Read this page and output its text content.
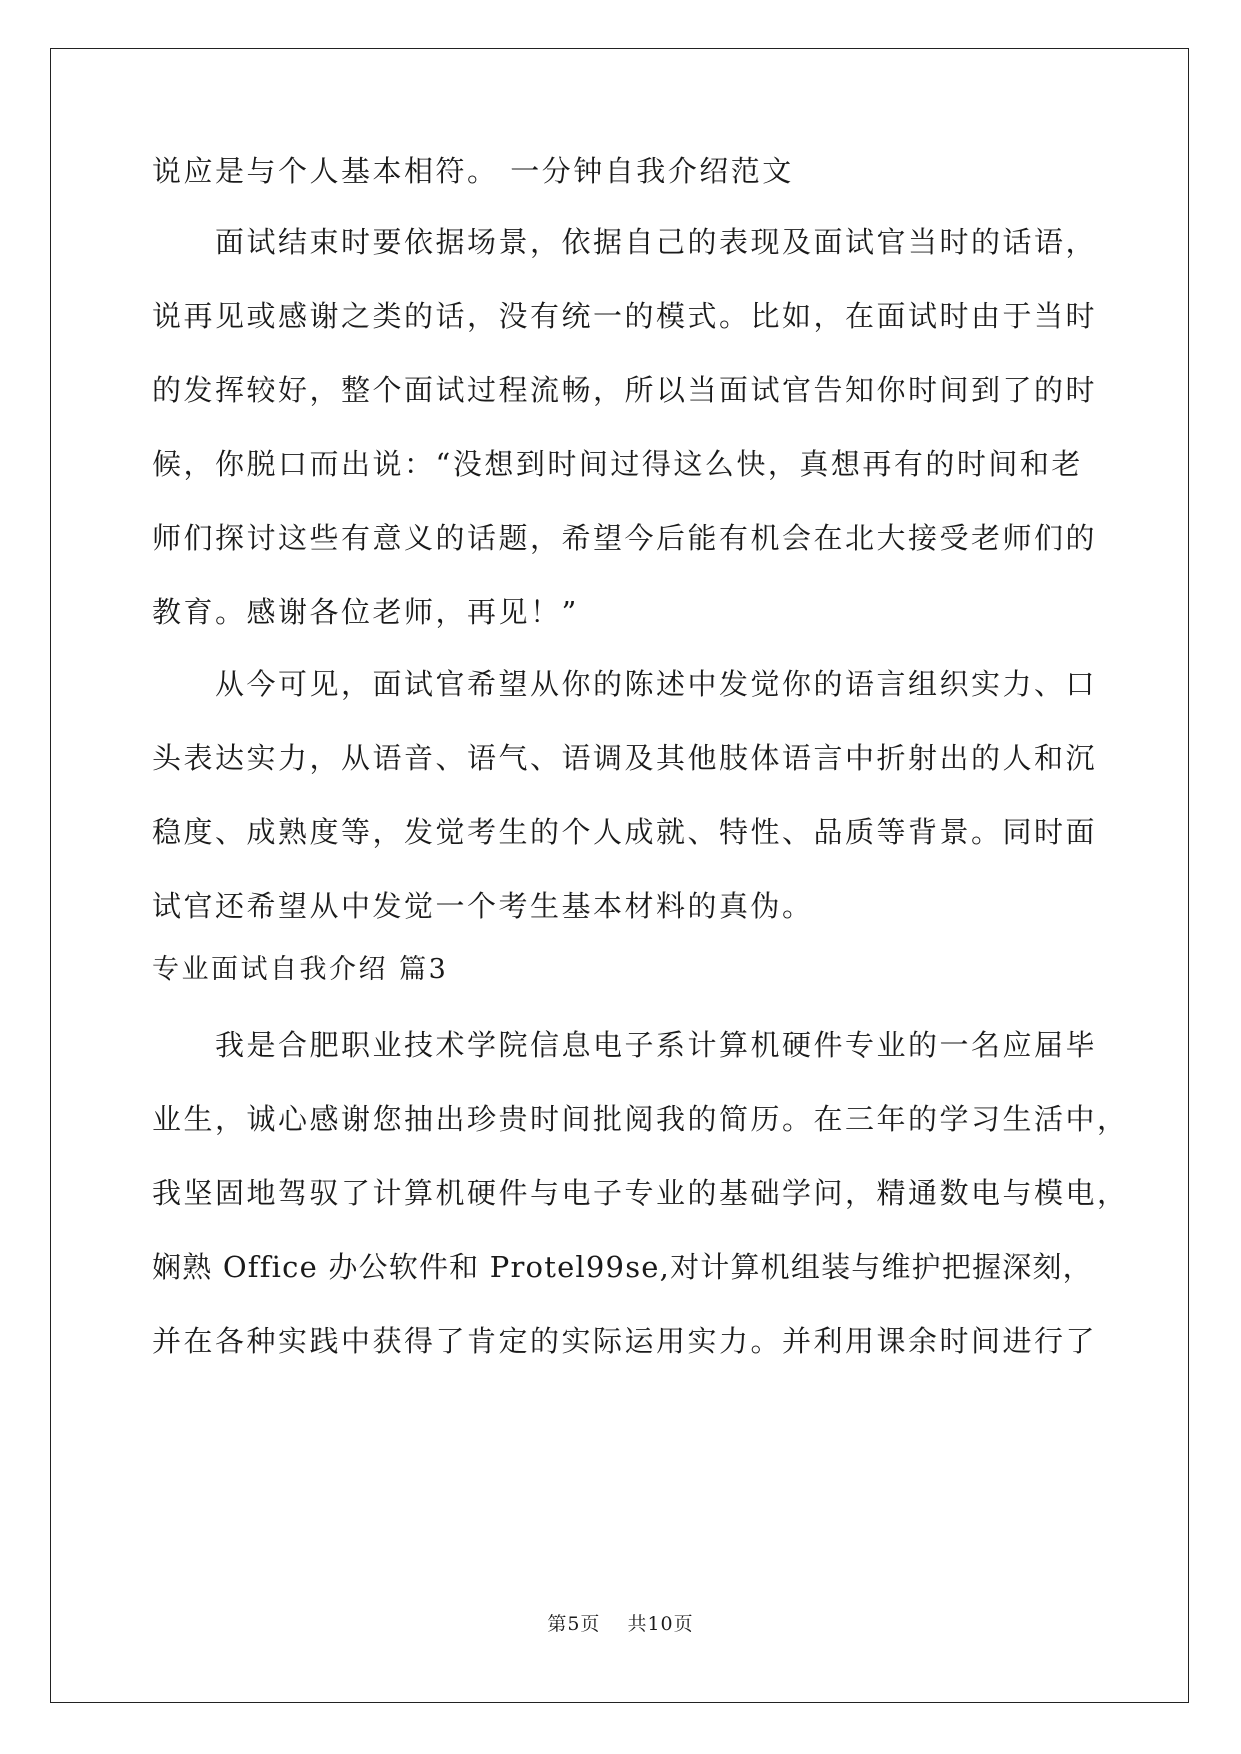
说应是与个人基本相符。 一分钟自我介绍范文
　　面试结束时要依据场景，依据自己的表现及面试官当时的话语，
说再见或感谢之类的话，没有统一的模式。比如，在面试时由于当时
的发挥较好，整个面试过程流畅，所以当面试官告知你时间到了的时
候，你脱口而出说：“没想到时间过得这么快，真想再有的时间和老
师们探讨这些有意义的话题，希望今后能有机会在北大接受老师们的
教育。感谢各位老师，再见！”
　　从今可见，面试官希望从你的陈述中发觉你的语言组织实力、口
头表达实力，从语音、语气、语调及其他肢体语言中折射出的人和沉
稳度、成熟度等，发觉考生的个人成就、特性、品质等背景。同时面
试官还希望从中发觉一个考生基本材料的真伪。
专业面试自我介绍 篇3
　　我是合肥职业技术学院信息电子系计算机硬件专业的一名应届毕
业生，诚心感谢您抽出珍贵时间批阅我的简历。在三年的学习生活中，
我坚固地驾驭了计算机硬件与电子专业的基础学问，精通数电与模电，
娴熟 Office 办公软件和 Protel99se,对计算机组装与维护把握深刻，
并在各种实践中获得了肯定的实际运用实力。并利用课余时间进行了
第5页　 共10页
